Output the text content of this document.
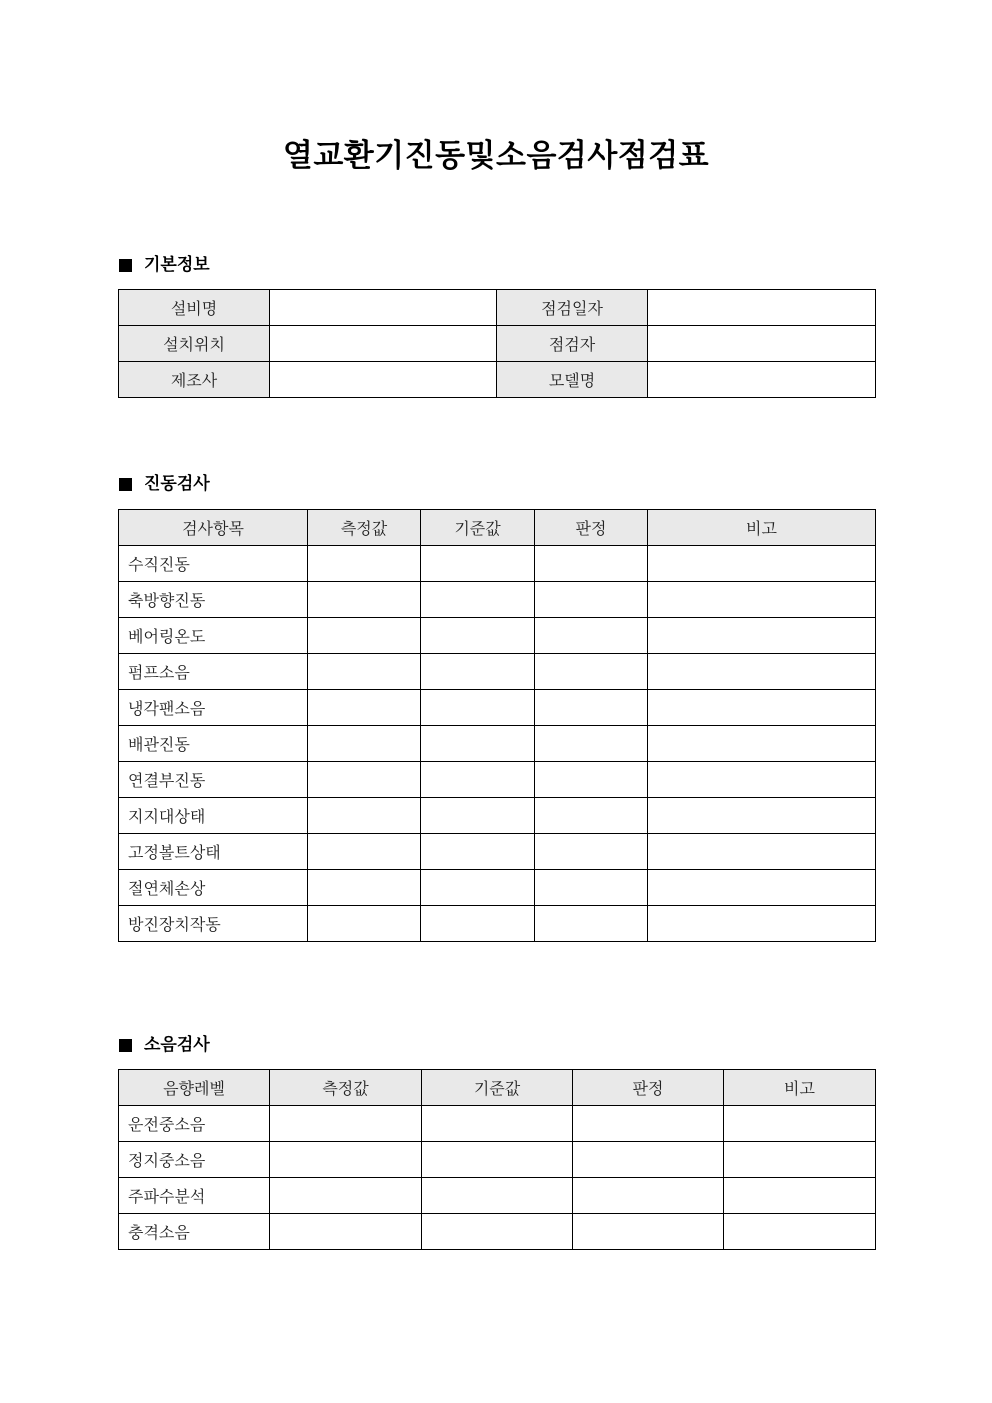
열교환기진동및소음검사점검표
기본정보
설비명		점검일자	
설치위치		점검자	
제조사		모델명	
진동검사
검사항목	측정값	기준값	판정	비고
수직진동				
축방향진동				
베어링온도				
펌프소음				
냉각팬소음				
배관진동				
연결부진동				
지지대상태				
고정볼트상태				
절연체손상				
방진장치작동				
소음검사
음향레벨	측정값	기준값	판정	비고
운전중소음				
정지중소음				
주파수분석				
충격소음				
